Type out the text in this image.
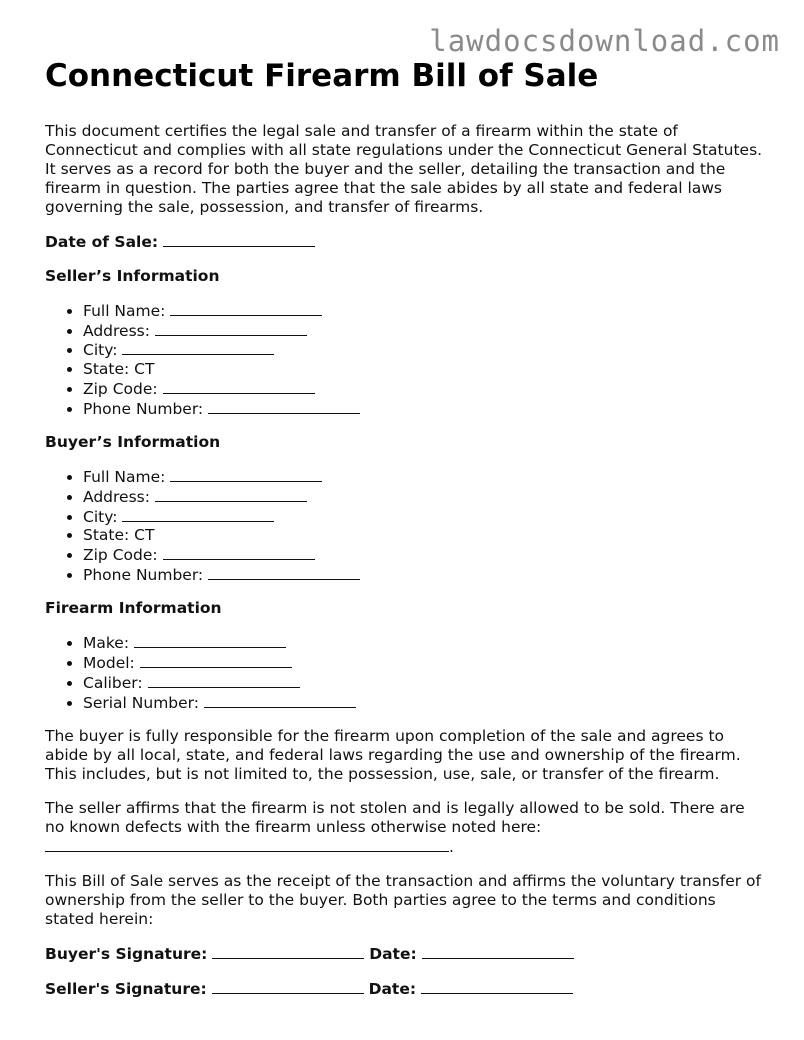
lawdocsdownload.com
Connecticut Firearm Bill of Sale

This document certifies the legal sale and transfer of a firearm within the state of Connecticut and complies with all state regulations under the Connecticut General Statutes. It serves as a record for both the buyer and the seller, detailing the transaction and the firearm in question. The parties agree that the sale abides by all state and federal laws governing the sale, possession, and transfer of firearms.

Date of Sale:
Seller’s Information
• Full Name:
• Address:
• City:
• State: CT
• Zip Code:
• Phone Number:
Buyer’s Information
• Full Name:
• Address:
• City:
• State: CT
• Zip Code:
• Phone Number:
Firearm Information
• Make:
• Model:
• Caliber:
• Serial Number:

The buyer is fully responsible for the firearm upon completion of the sale and agrees to abide by all local, state, and federal laws regarding the use and ownership of the firearm. This includes, but is not limited to, the possession, use, sale, or transfer of the firearm.

The seller affirms that the firearm is not stolen and is legally allowed to be sold. There are no known defects with the firearm unless otherwise noted here:
.

This Bill of Sale serves as the receipt of the transaction and affirms the voluntary transfer of ownership from the seller to the buyer. Both parties agree to the terms and conditions stated herein:

Buyer's Signature:	Date:
Seller's Signature:	Date:
